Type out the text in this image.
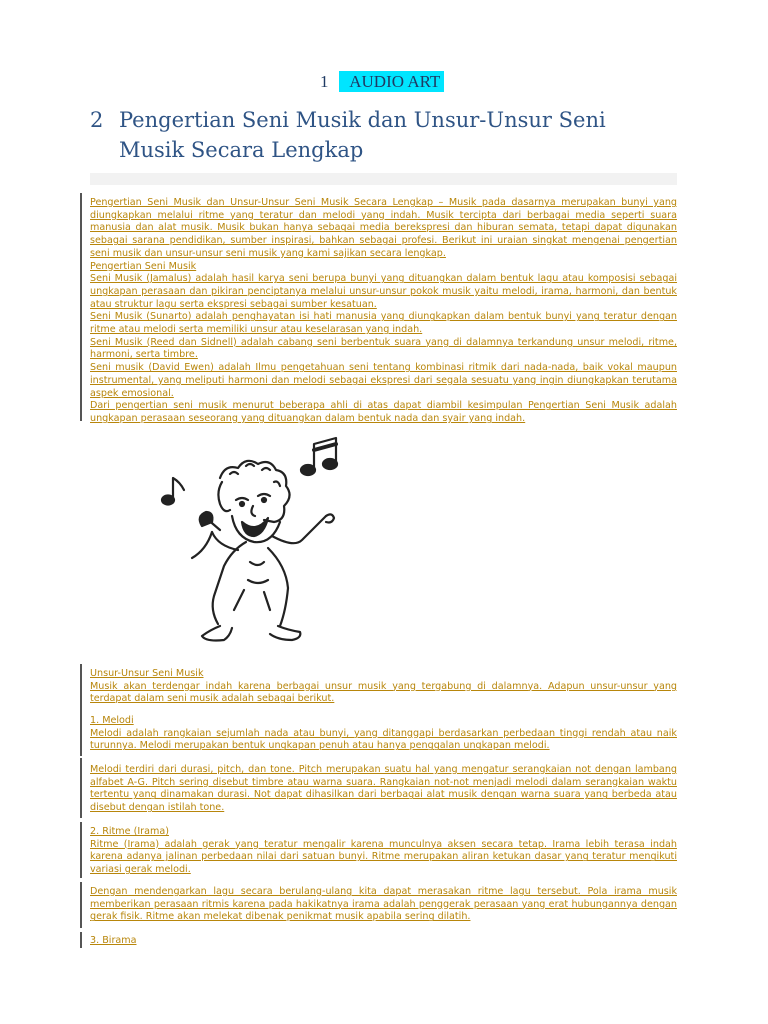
1 AUDIO ART
2 Pengertian Seni Musik dan Unsur-Unsur Seni Musik Secara Lengkap

Pengertian Seni Musik dan Unsur-Unsur Seni Musik Secara Lengkap – Musik pada dasarnya merupakan bunyi yang diungkapkan melalui ritme yang teratur dan melodi yang indah. Musik tercipta dari berbagai media seperti suara manusia dan alat musik. Musik bukan hanya sebagai media berekspresi dan hiburan semata, tetapi dapat digunakan sebagai sarana pendidikan, sumber inspirasi, bahkan sebagai profesi. Berikut ini uraian singkat mengenai pengertian seni musik dan unsur-unsur seni musik yang kami sajikan secara lengkap.

Pengertian Seni Musik

Seni Musik (Jamalus) adalah hasil karya seni berupa bunyi yang dituangkan dalam bentuk lagu atau komposisi sebagai ungkapan perasaan dan pikiran penciptanya melalui unsur-unsur pokok musik yaitu melodi, irama, harmoni, dan bentuk atau struktur lagu serta ekspresi sebagai sumber kesatuan.

Seni Musik (Sunarto) adalah penghayatan isi hati manusia yang diungkapkan dalam bentuk bunyi yang teratur dengan ritme atau melodi serta memiliki unsur atau keselarasan yang indah.

Seni Musik (Reed dan Sidnell) adalah cabang seni berbentuk suara yang di dalamnya terkandung unsur melodi, ritme, harmoni, serta timbre.

Seni musik (David Ewen) adalah Ilmu pengetahuan seni tentang kombinasi ritmik dari nada-nada, baik vokal maupun instrumental, yang meliputi harmoni dan melodi sebagai ekspresi dari segala sesuatu yang ingin diungkapkan terutama aspek emosional.

Dari pengertian seni musik menurut beberapa ahli di atas dapat diambil kesimpulan Pengertian Seni Musik adalah ungkapan perasaan seseorang yang dituangkan dalam bentuk nada dan syair yang indah.

Unsur-Unsur Seni Musik

Musik akan terdengar indah karena berbagai unsur musik yang tergabung di dalamnya. Adapun unsur-unsur yang terdapat dalam seni musik adalah sebagai berikut.

1. Melodi

Melodi adalah rangkaian sejumlah nada atau bunyi, yang ditanggapi berdasarkan perbedaan tinggi rendah atau naik turunnya. Melodi merupakan bentuk ungkapan penuh atau hanya penggalan ungkapan melodi.

Melodi terdiri dari durasi, pitch, dan tone. Pitch merupakan suatu hal yang mengatur serangkaian not dengan lambang alfabet A-G. Pitch sering disebut timbre atau warna suara. Rangkaian not-not menjadi melodi dalam serangkaian waktu tertentu yang dinamakan durasi. Not dapat dihasilkan dari berbagai alat musik dengan warna suara yang berbeda atau disebut dengan istilah tone.

2. Ritme (Irama)

Ritme (Irama) adalah gerak yang teratur mengalir karena munculnya aksen secara tetap. Irama lebih terasa indah karena adanya jalinan perbedaan nilai dari satuan bunyi. Ritme merupakan aliran ketukan dasar yang teratur mengikuti variasi gerak melodi.

Dengan mendengarkan lagu secara berulang-ulang kita dapat merasakan ritme lagu tersebut. Pola irama musik memberikan perasaan ritmis karena pada hakikatnya irama adalah penggerak perasaan yang erat hubungannya dengan gerak fisik. Ritme akan melekat dibenak penikmat musik apabila sering dilatih.

3. Birama
